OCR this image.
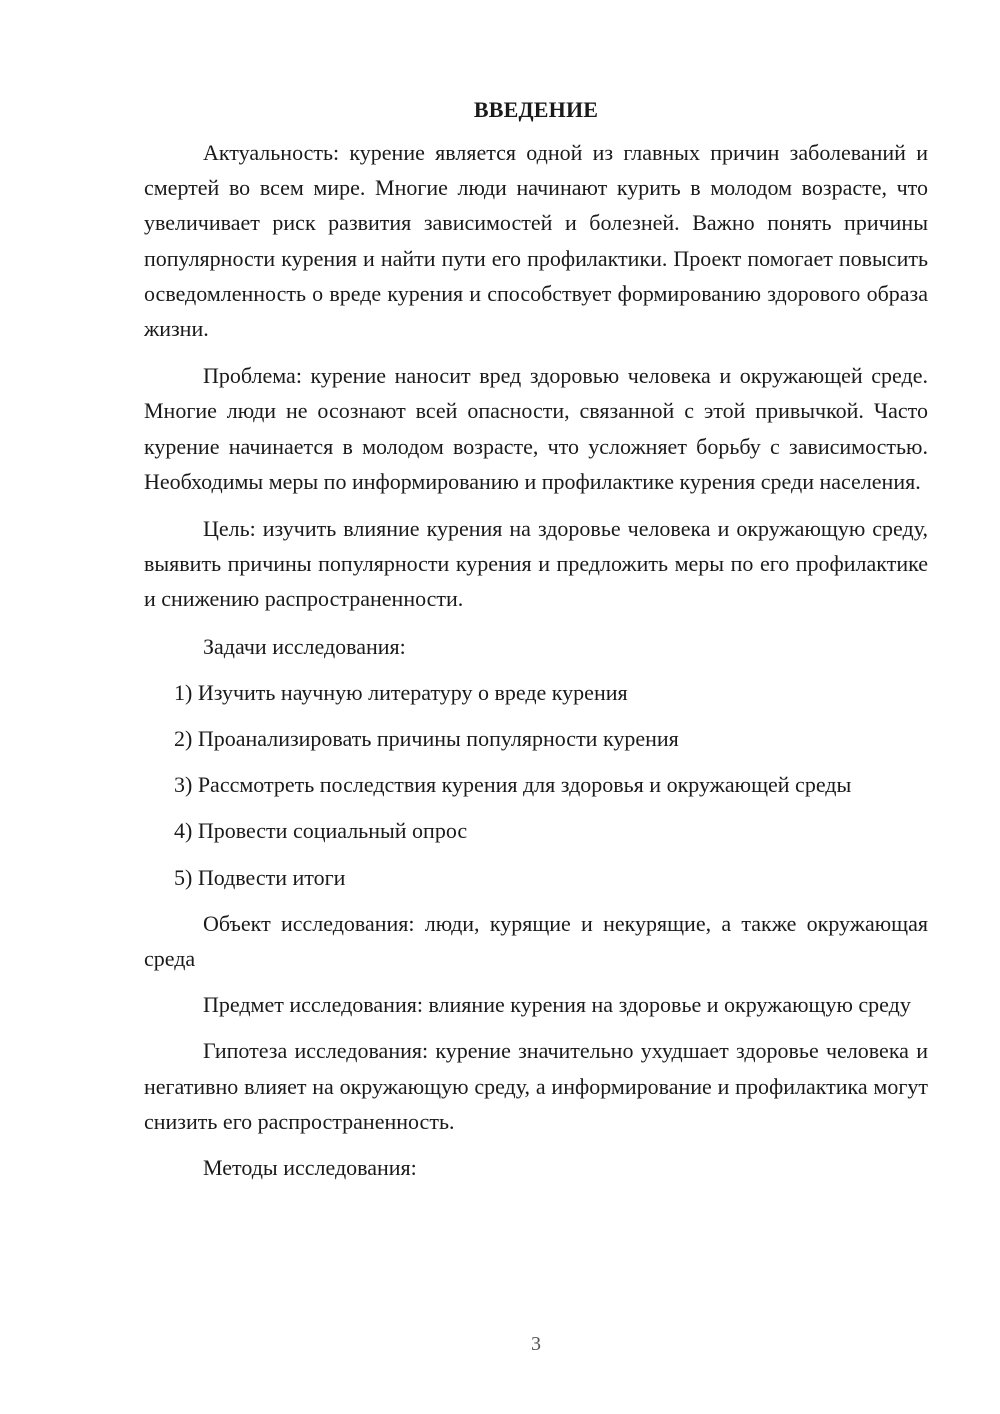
ВВЕДЕНИЕ

Актуальность: курение является одной из главных причин заболеваний и смертей во всем мире. Многие люди начинают курить в молодом возрасте, что увеличивает риск развития зависимостей и болезней. Важно понять причины популярности курения и найти пути его профилактики. Проект помогает повысить осведомленность о вреде курения и способствует формированию здорового образа жизни.

Проблема: курение наносит вред здоровью человека и окружающей среде. Многие люди не осознают всей опасности, связанной с этой привычкой. Часто курение начинается в молодом возрасте, что усложняет борьбу с зависимостью. Необходимы меры по информированию и профилактике курения среди населения.

Цель: изучить влияние курения на здоровье человека и окружающую среду, выявить причины популярности курения и предложить меры по его профилактике и снижению распространенности.

Задачи исследования:

1) Изучить научную литературу о вреде курения

2) Проанализировать причины популярности курения

3) Рассмотреть последствия курения для здоровья и окружающей среды

4) Провести социальный опрос

5) Подвести итоги

Объект исследования: люди, курящие и некурящие, а также окружающая среда

Предмет исследования: влияние курения на здоровье и окружающую среду

Гипотеза исследования: курение значительно ухудшает здоровье человека и негативно влияет на окружающую среду, а информирование и профилактика могут снизить его распространенность.

Методы исследования:

3
